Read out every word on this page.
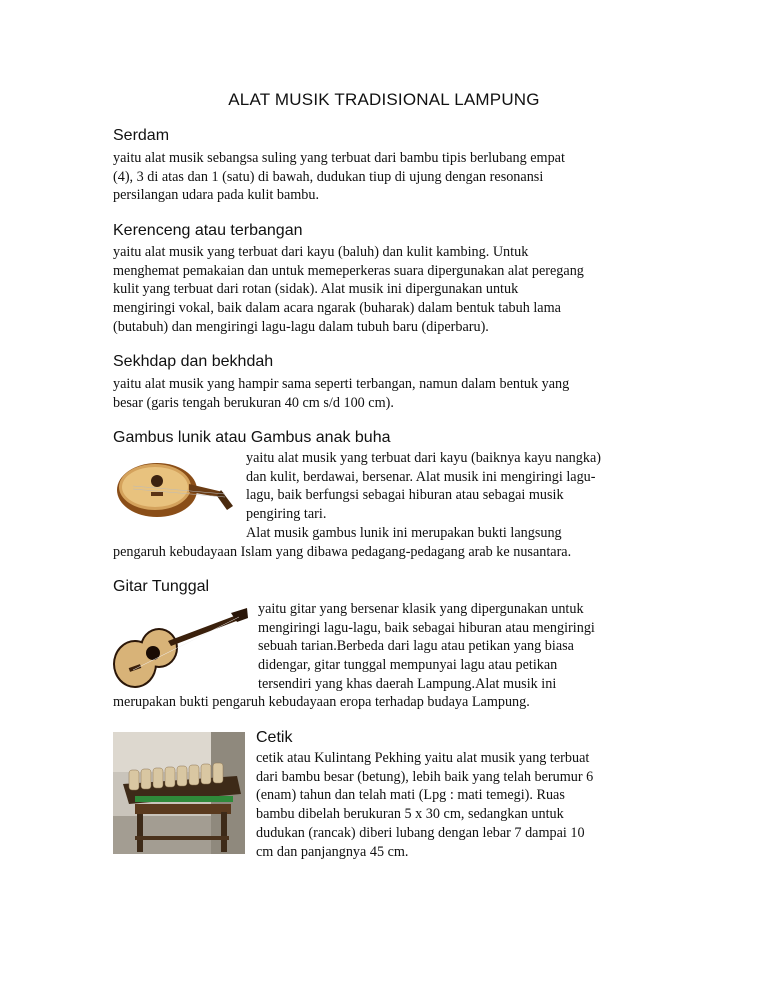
ALAT MUSIK TRADISIONAL LAMPUNG
Serdam
yaitu alat musik sebangsa suling yang terbuat dari bambu tipis berlubang empat
(4), 3 di atas dan 1 (satu) di bawah, dudukan tiup di ujung dengan resonansi
persilangan udara pada kulit bambu.
Kerenceng atau terbangan
yaitu alat musik yang terbuat dari kayu (baluh) dan kulit kambing. Untuk
menghemat pemakaian dan untuk memeperkeras suara dipergunakan alat peregang
kulit yang terbuat dari rotan (sidak). Alat musik ini dipergunakan untuk
mengiringi vokal, baik dalam acara ngarak (buharak) dalam bentuk tabuh lama
(butabuh) dan mengiringi lagu-lagu dalam tubuh baru (diperbaru).
Sekhdap dan bekhdah
yaitu alat musik yang hampir sama seperti terbangan, namun dalam bentuk yang
besar (garis tengah berukuran 40 cm s/d 100 cm).
Gambus lunik atau Gambus anak buha
yaitu alat musik yang terbuat dari kayu (baiknya kayu nangka)
dan kulit, berdawai, bersenar. Alat musik ini mengiringi lagu-
lagu, baik berfungsi sebagai hiburan atau sebagai musik
pengiring tari.
Alat musik gambus lunik ini merupakan bukti langsung
pengaruh kebudayaan Islam yang dibawa pedagang-pedagang arab ke nusantara.
Gitar Tunggal
yaitu gitar yang bersenar klasik yang dipergunakan untuk
mengiringi lagu-lagu, baik sebagai hiburan atau mengiringi
sebuah tarian.Berbeda dari lagu atau petikan yang biasa
didengar, gitar tunggal mempunyai lagu atau petikan
tersendiri yang khas daerah Lampung.Alat musik ini
merupakan bukti pengaruh kebudayaan eropa terhadap budaya Lampung.
Cetik
cetik atau Kulintang Pekhing yaitu alat musik yang terbuat
dari bambu besar (betung), lebih baik yang telah berumur 6
(enam) tahun dan telah mati (Lpg : mati temegi). Ruas
bambu dibelah berukuran 5 x 30 cm, sedangkan untuk
dudukan (rancak) diberi lubang dengan lebar 7 dampai 10
cm dan panjangnya 45 cm.
